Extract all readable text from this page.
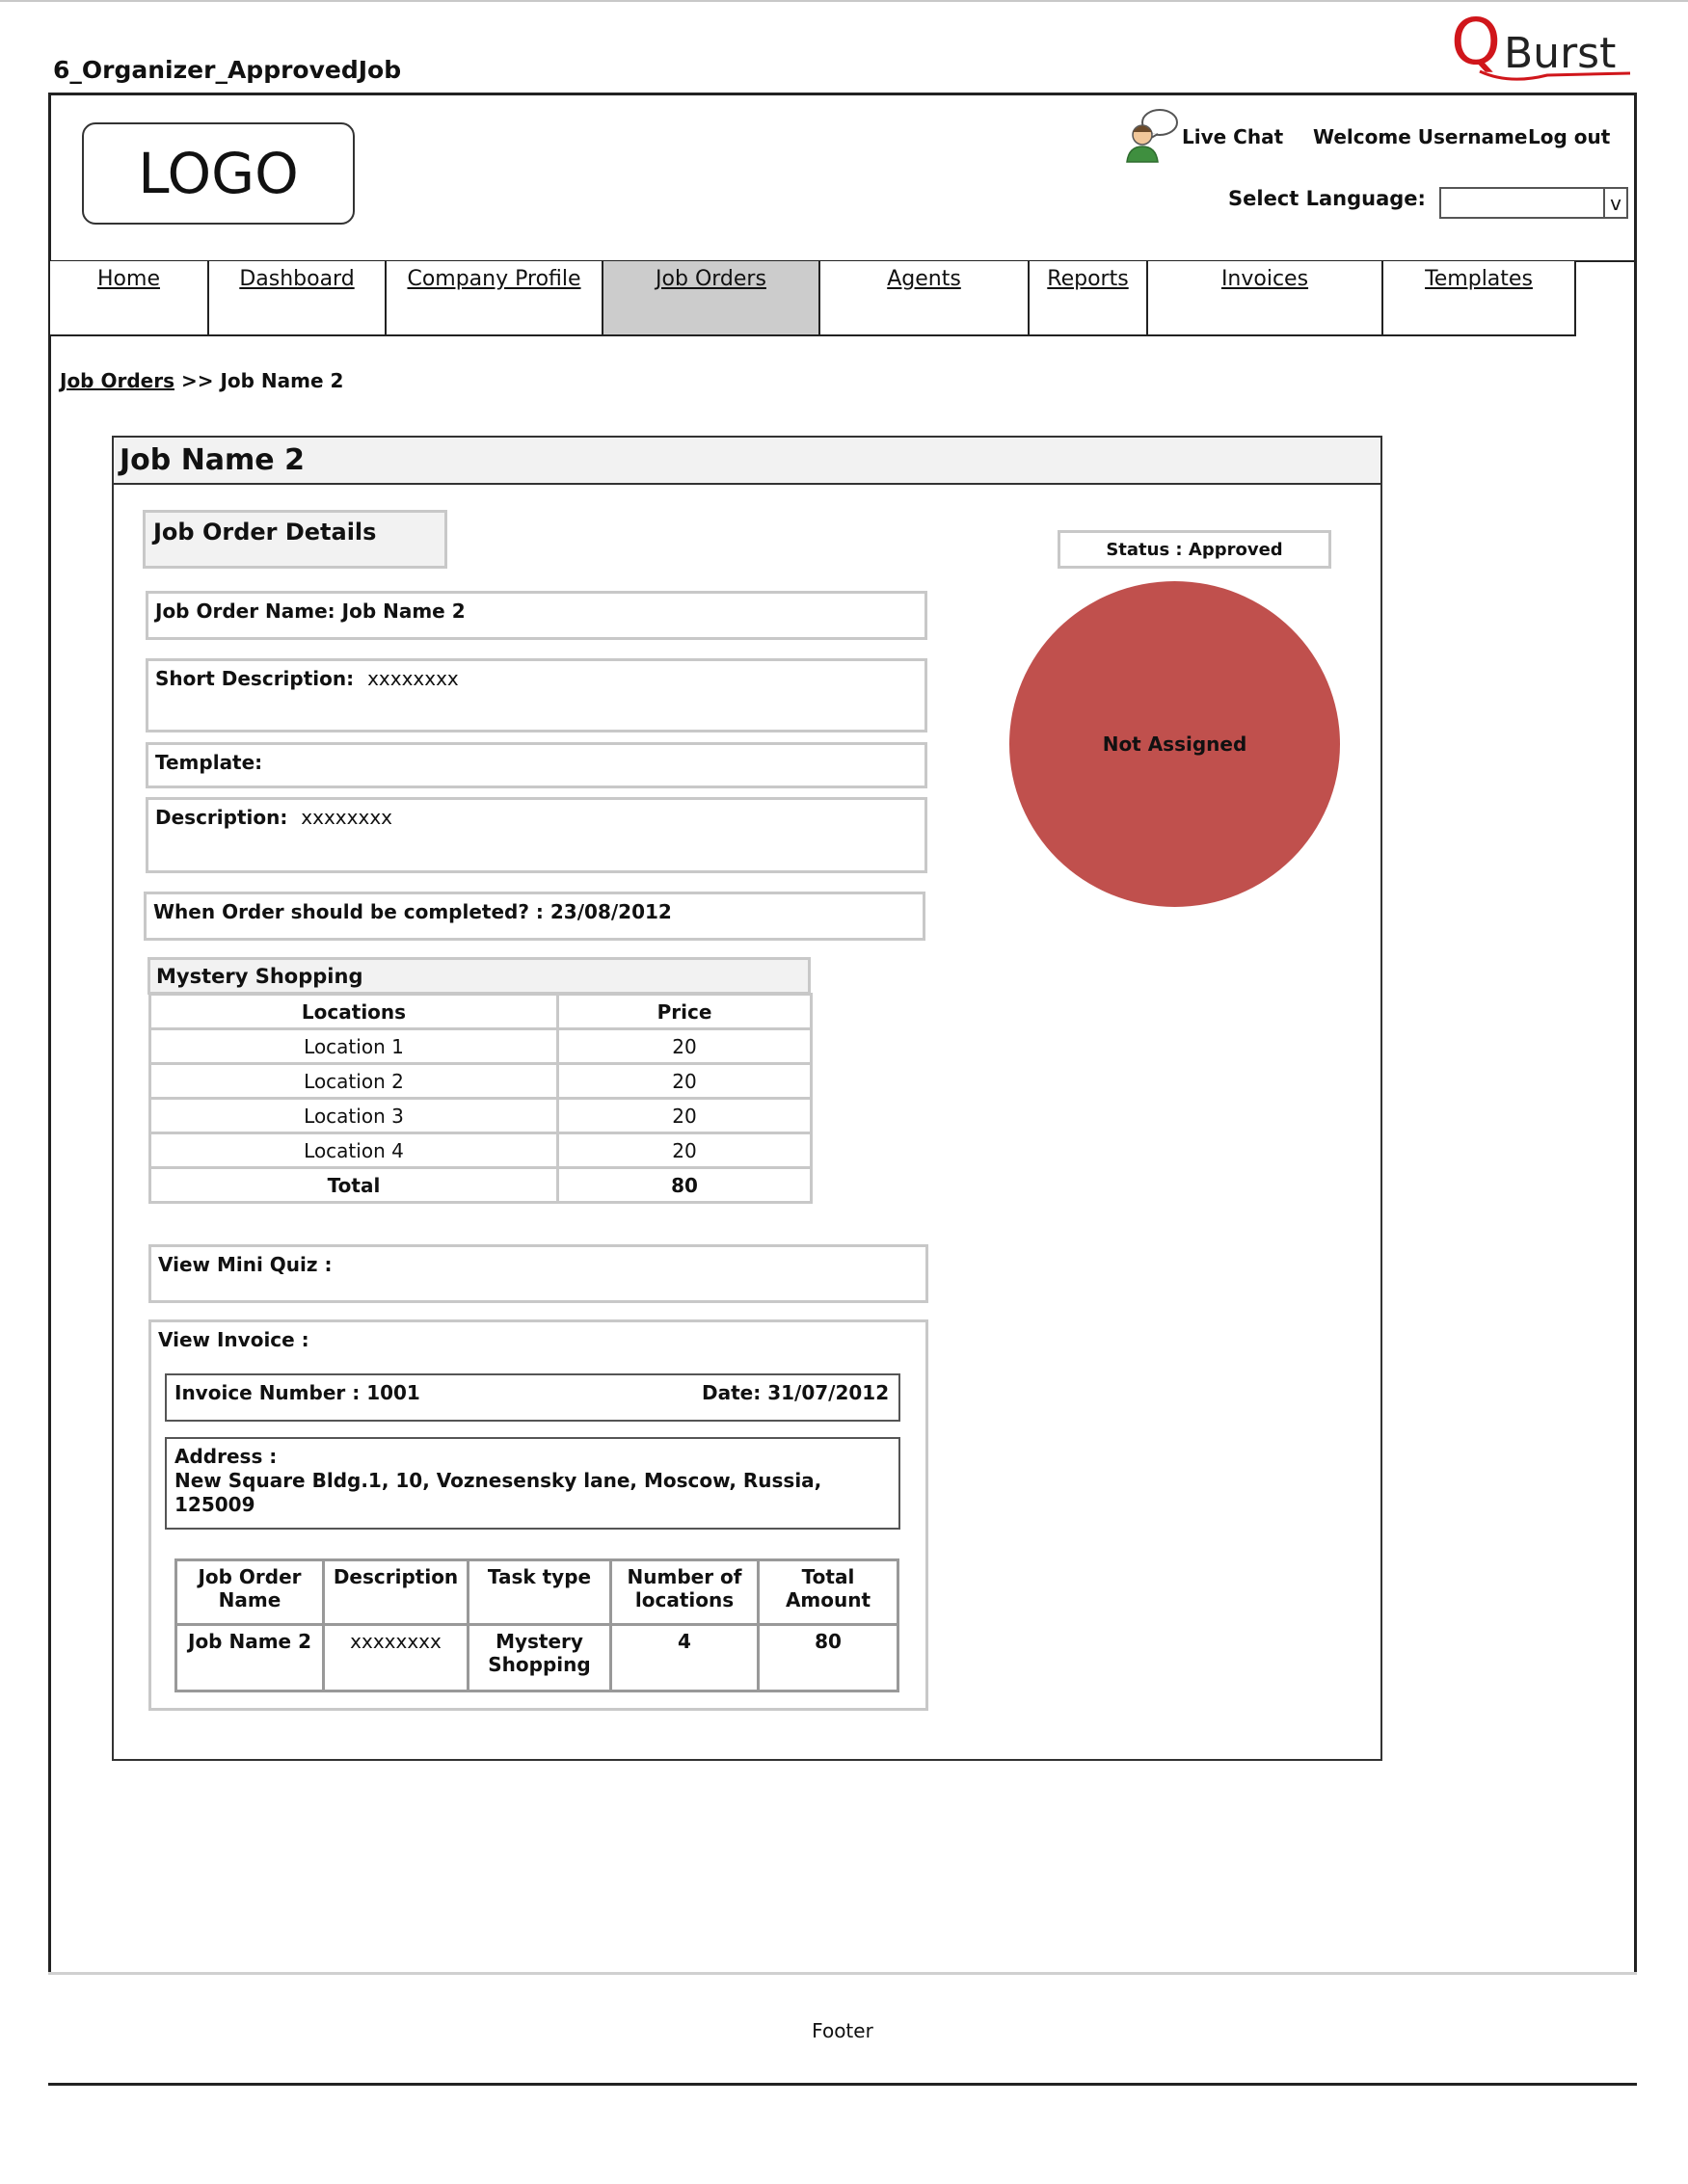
6_Organizer_ApprovedJob	Q Burst
LOGO
Live Chat Welcome Username Log out
Select Language:	v
Home	Dashboard Company Profile	Job Orders	Agents	Reports	Invoices	Templates
Job Orders >> Job Name 2
Job Name 2
Job Order Details
Job Order Name: Job Name 2
Short Description: xxxxxxxx
Template:
Description: xxxxxxxx
When Order should be completed? : 23/08/2012
Status : Approved
Not Assigned
Mystery Shopping
Locations	Price
Location 1	20
Location 2	20
Location 3	20
Location 4	20
Total	80
View Mini Quiz :
View Invoice :
Invoice Number : 1001	Date: 31/07/2012
Address :
New Square Bldg.1, 10, Voznesensky lane, Moscow, Russia, 125009
Job Order Name	Description	Task type	Number of locations	Total Amount
Job Name 2	xxxxxxxx	Mystery Shopping	4	80
Footer
